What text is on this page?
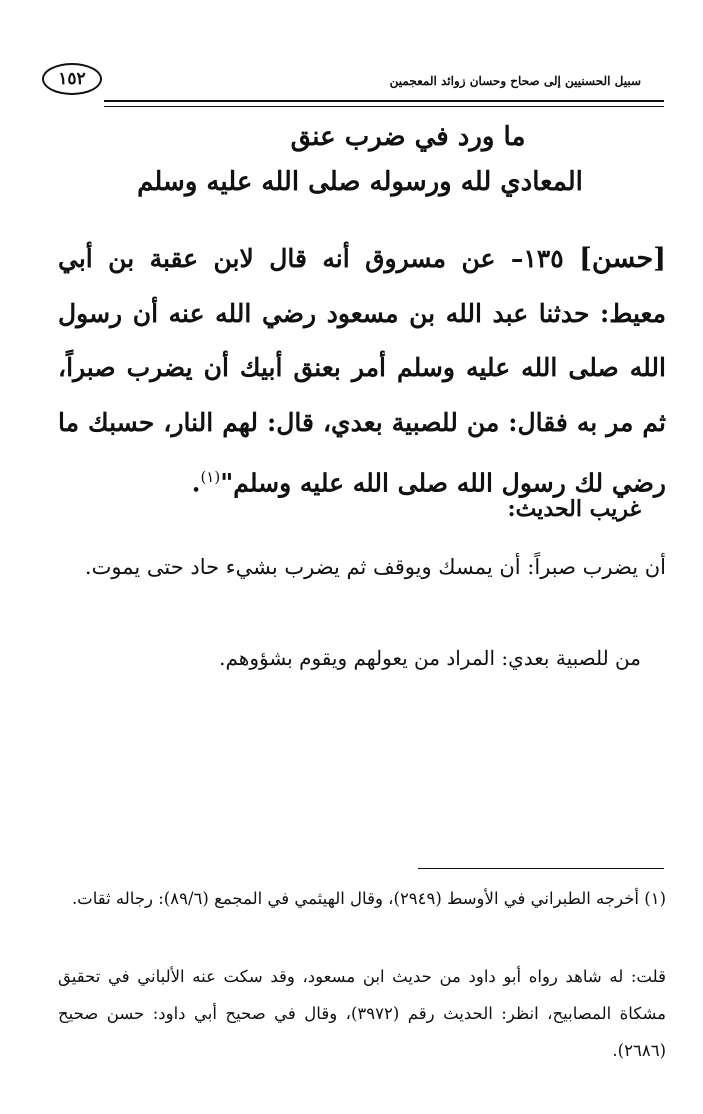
سبيل الحسنيين إلى صحاح وحسان زوائد المعجمين
١٥٢
ما ورد في ضرب عنق
المعادي لله ورسوله صلى الله عليه وسلم
[حسن] ١٣٥– عن مسروق أنه قال لابن عقبة بن أبي معيط: حدثنا عبد الله بن مسعود رضي الله عنه أن رسول الله صلى الله عليه وسلم أمر بعنق أبيك أن يضرب صبراً، ثم مر به فقال: من للصبية بعدي، قال: لهم النار، حسبك ما رضي لك رسول الله صلى الله عليه وسلم"$^{(١)}$.
غريب الحديث:
أن يضرب صبراً: أن يمسك ويوقف ثم يضرب بشيء حاد حتى يموت.
من للصبية بعدي: المراد من يعولهم ويقوم بشؤوهم.
(١) أخرجه الطبراني في الأوسط (٢٩٤٩)، وقال الهيثمي في المجمع (٨٩/٦): رجاله ثقات.
قلت: له شاهد رواه أبو داود من حديث ابن مسعود، وقد سكت عنه الألباني في تحقيق مشكاة المصابيح، انظر: الحديث رقم (٣٩٧٢)، وقال في صحيح أبي داود: حسن صحيح (٢٦٨٦).
